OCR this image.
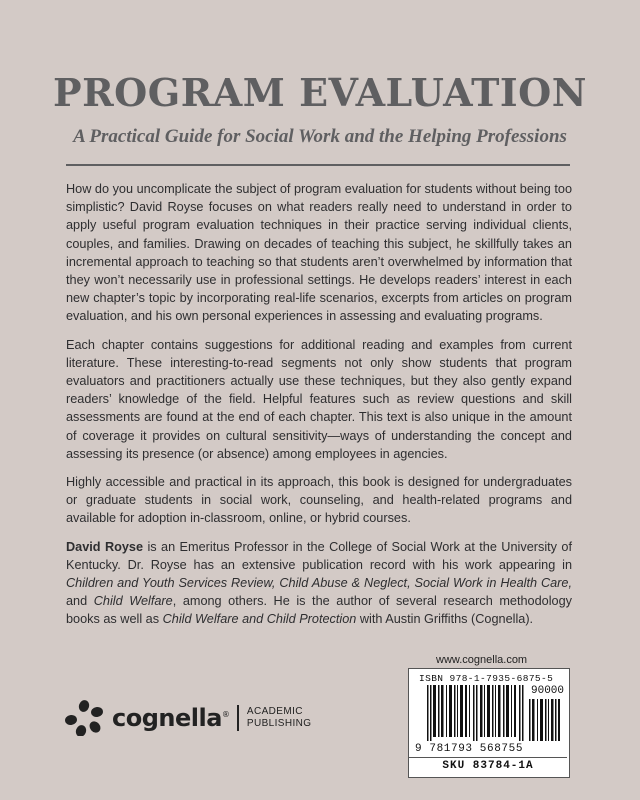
PROGRAM EVALUATION
A Practical Guide for Social Work and the Helping Professions

How do you uncomplicate the subject of program evaluation for students without being too simplistic? David Royse focuses on what readers really need to understand in order to apply useful program evaluation techniques in their practice serving individual clients, couples, and families. Drawing on decades of teaching this subject, he skillfully takes an incremental approach to teaching so that students aren’t overwhelmed by information that they won’t necessarily use in professional settings. He develops readers’ interest in each new chapter’s topic by incorporating real-life scenarios, excerpts from articles on program evaluation, and his own personal experiences in assessing and evaluating programs.

Each chapter contains suggestions for additional reading and examples from current literature. These interesting-to-read segments not only show students that program evaluators and practitioners actually use these techniques, but they also gently expand readers’ knowledge of the field. Helpful features such as review questions and skill assessments are found at the end of each chapter. This text is also unique in the amount of coverage it provides on cultural sensitivity—ways of understanding the concept and assessing its presence (or absence) among employees in agencies.

Highly accessible and practical in its approach, this book is designed for undergraduates or graduate students in social work, counseling, and health-related programs and available for adoption in-classroom, online, or hybrid courses.

David Royse is an Emeritus Professor in the College of Social Work at the University of Kentucky. Dr. Royse has an extensive publication record with his work appearing in Children and Youth Services Review, Child Abuse & Neglect, Social Work in Health Care, and Child Welfare, among others. He is the author of several research methodology books as well as Child Welfare and Child Protection with Austin Griffiths (Cognella).

cognella® ACADEMIC
PUBLISHING
www.cognella.com
ISBN 978-1-7935-6875-5
90000
9 781793 568755
SKU 83784-1A
